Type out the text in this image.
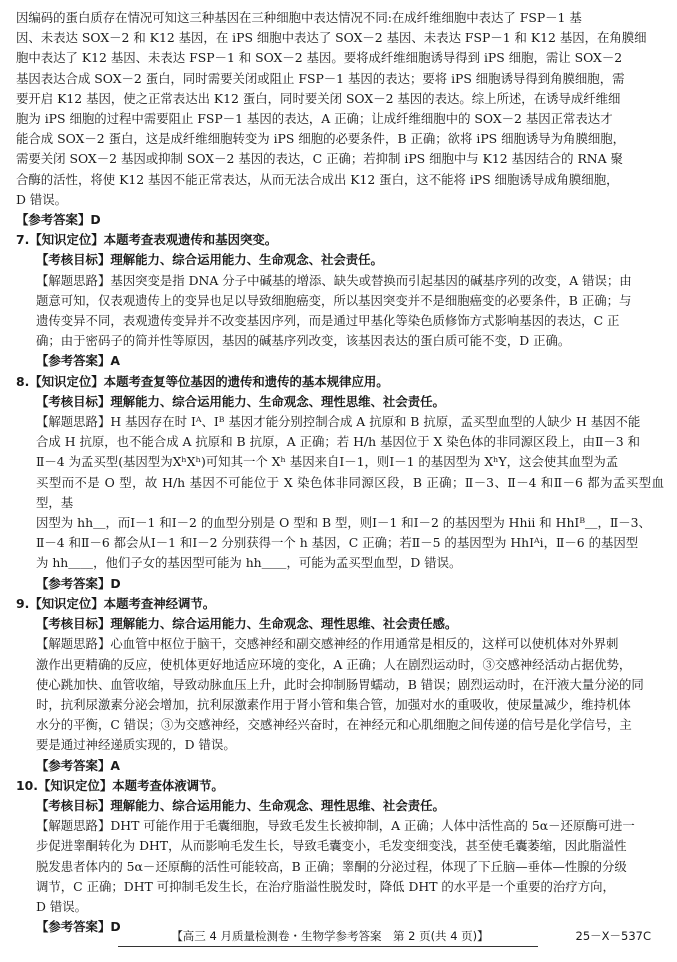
因编码的蛋白质存在情况可知这三种基因在三种细胞中表达情况不同:在成纤维细胞中表达了 FSP－1 基

因、未表达 SOX－2 和 K12 基因，在 iPS 细胞中表达了 SOX－2 基因、未表达 FSP－1 和 K12 基因，在角膜细

胞中表达了 K12 基因、未表达 FSP－1 和 SOX－2 基因。要将成纤维细胞诱导得到 iPS 细胞，需让 SOX－2

基因表达合成 SOX－2 蛋白，同时需要关闭或阻止 FSP－1 基因的表达；要将 iPS 细胞诱导得到角膜细胞，需

要开启 K12 基因，使之正常表达出 K12 蛋白，同时要关闭 SOX－2 基因的表达。综上所述，在诱导成纤维细

胞为 iPS 细胞的过程中需要阻止 FSP－1 基因的表达，A 正确；让成纤维细胞中的 SOX－2 基因正常表达才

能合成 SOX－2 蛋白，这是成纤维细胞转变为 iPS 细胞的必要条件，B 正确；欲将 iPS 细胞诱导为角膜细胞，

需要关闭 SOX－2 基因或抑制 SOX－2 基因的表达，C 正确；若抑制 iPS 细胞中与 K12 基因结合的 RNA 聚

合酶的活性，将使 K12 基因不能正常表达，从而无法合成出 K12 蛋白，这不能将 iPS 细胞诱导成角膜细胞，

D 错误。

【参考答案】D

7.【知识定位】本题考查表观遗传和基因突变。

【考核目标】理解能力、综合运用能力、生命观念、社会责任。

【解题思路】基因突变是指 DNA 分子中碱基的增添、缺失或替换而引起基因的碱基序列的改变，A 错误；由

题意可知，仅表观遗传上的变异也足以导致细胞癌变，所以基因突变并不是细胞癌变的必要条件，B 正确；与

遗传变异不同，表观遗传变异并不改变基因序列，而是通过甲基化等染色质修饰方式影响基因的表达，C 正

确；由于密码子的简并性等原因，基因的碱基序列改变，该基因表达的蛋白质可能不变，D 正确。

【参考答案】A

8.【知识定位】本题考查复等位基因的遗传和遗传的基本规律应用。

【考核目标】理解能力、综合运用能力、生命观念、理性思维、社会责任。

【解题思路】H 基因存在时 Iᴬ、Iᴮ 基因才能分别控制合成 A 抗原和 B 抗原，孟买型血型的人缺少 H 基因不能

合成 H 抗原，也不能合成 A 抗原和 B 抗原，A 正确；若 H/h 基因位于 X 染色体的非同源区段上，由Ⅱ－3 和

Ⅱ－4 为孟买型(基因型为XʰXʰ)可知其一个 Xʰ 基因来自Ⅰ－1，则Ⅰ－1 的基因型为 XʰY，这会使其血型为孟

买型而不是 O 型，故 H/h 基因不可能位于 X 染色体非同源区段，B 正确；Ⅱ－3、Ⅱ－4 和Ⅱ－6 都为孟买型血型，基

因型为 hh＿，而Ⅰ－1 和Ⅰ－2 的血型分别是 O 型和 B 型，则Ⅰ－1 和Ⅰ－2 的基因型为 Hhii 和 HhIᴮ＿，Ⅱ－3、

Ⅱ－4 和Ⅱ－6 都会从Ⅰ－1 和Ⅰ－2 分别获得一个 h 基因，C 正确；若Ⅱ－5 的基因型为 HhIᴬi，Ⅱ－6 的基因型

为 hh＿＿，他们子女的基因型可能为 hh＿＿，可能为孟买型血型，D 错误。

【参考答案】D

9.【知识定位】本题考查神经调节。

【考核目标】理解能力、综合运用能力、生命观念、理性思维、社会责任感。

【解题思路】心血管中枢位于脑干，交感神经和副交感神经的作用通常是相反的，这样可以使机体对外界刺

激作出更精确的反应，使机体更好地适应环境的变化，A 正确；人在剧烈运动时，③交感神经活动占据优势，

使心跳加快、血管收缩，导致动脉血压上升，此时会抑制肠胃蠕动，B 错误；剧烈运动时，在汗液大量分泌的同

时，抗利尿激素分泌会增加，抗利尿激素作用于肾小管和集合管，加强对水的重吸收，使尿量减少，维持机体

水分的平衡，C 错误；③为交感神经，交感神经兴奋时，在神经元和心肌细胞之间传递的信号是化学信号，主

要是通过神经递质实现的，D 错误。

【参考答案】A

10.【知识定位】本题考查体液调节。

【考核目标】理解能力、综合运用能力、生命观念、理性思维、社会责任。

【解题思路】DHT 可能作用于毛囊细胞，导致毛发生长被抑制，A 正确；人体中活性高的 5α－还原酶可进一

步促进睾酮转化为 DHT，从而影响毛发生长，导致毛囊变小，毛发变细变浅，甚至使毛囊萎缩，因此脂溢性

脱发患者体内的 5α－还原酶的活性可能较高，B 正确；睾酮的分泌过程，体现了下丘脑—垂体—性腺的分级

调节，C 正确；DHT 可抑制毛发生长，在治疗脂溢性脱发时，降低 DHT 的水平是一个重要的治疗方向，

D 错误。

【参考答案】D

【高三 4 月质量检测卷・生物学参考答案　第 2 页(共 4 页)】	25－X－537C
